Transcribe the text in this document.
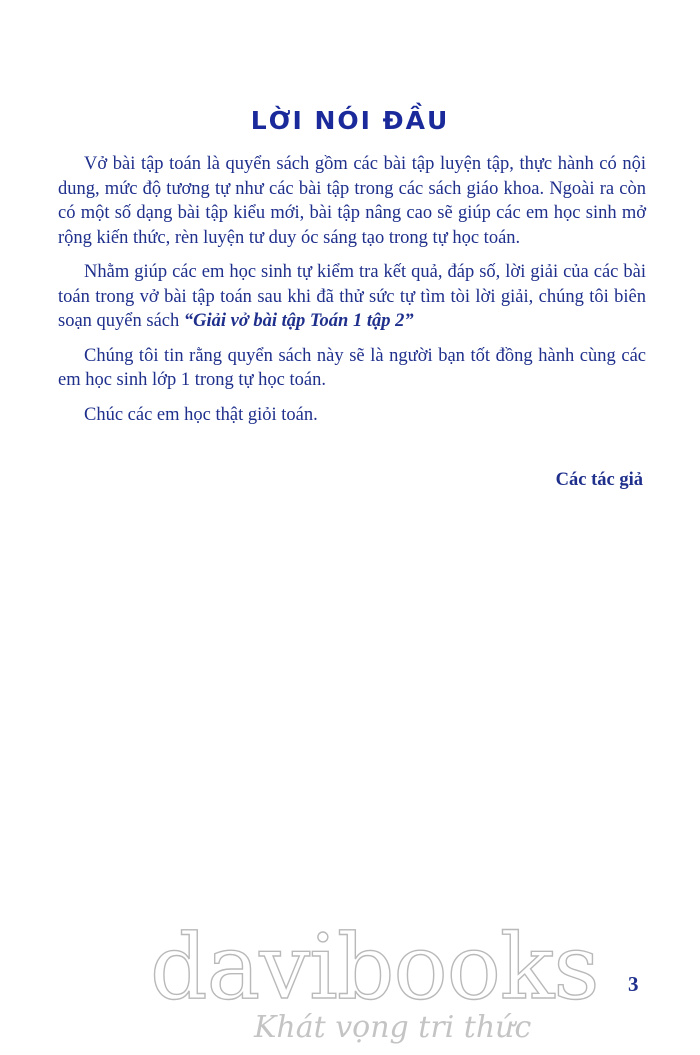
LỜI NÓI ĐẦU

Vở bài tập toán là quyển sách gồm các bài tập luyện tập, thực hành có nội dung, mức độ tương tự như các bài tập trong các sách giáo khoa. Ngoài ra còn có một số dạng bài tập kiểu mới, bài tập nâng cao sẽ giúp các em học sinh mở rộng kiến thức, rèn luyện tư duy óc sáng tạo trong tự học toán.

Nhằm giúp các em học sinh tự kiểm tra kết quả, đáp số, lời giải của các bài toán trong vở bài tập toán sau khi đã thử sức tự tìm tòi lời giải, chúng tôi biên soạn quyển sách “Giải vở bài tập Toán 1 tập 2”

Chúng tôi tin rằng quyển sách này sẽ là người bạn tốt đồng hành cùng các em học sinh lớp 1 trong tự học toán.

Chúc các em học thật giỏi toán.

Các tác giả
davibooks
Khát vọng tri thức
3
